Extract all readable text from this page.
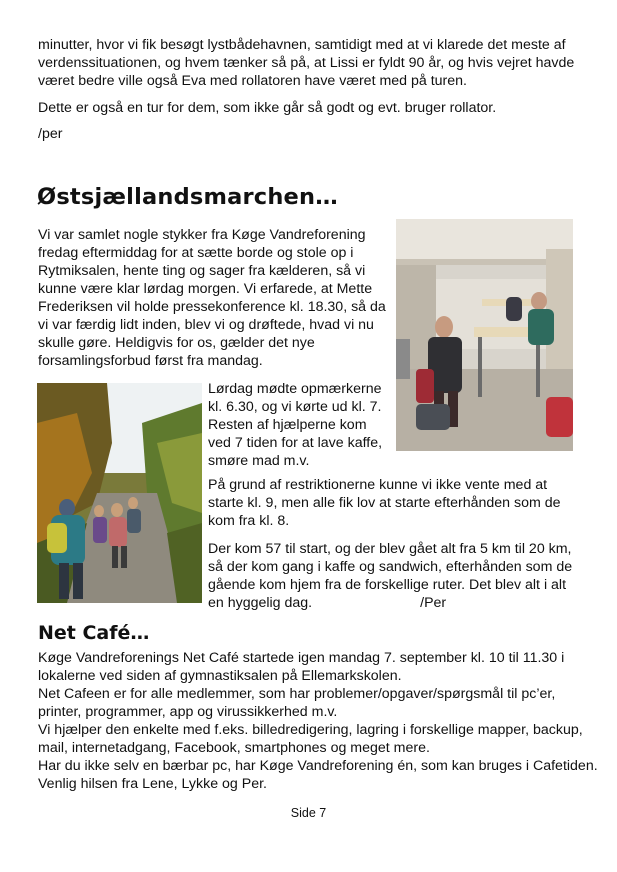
minutter, hvor vi fik besøgt lystbådehavnen, samtidigt med at vi klarede det meste af verdenssituationen, og hvem tænker så på, at Lissi er fyldt 90 år, og hvis vejret havde været bedre ville også Eva med rollatoren have været med på turen.

Dette er også en tur for dem, som ikke går så godt og evt. bruger rollator.

/per

Østsjællandsmarchen…

Vi var samlet nogle stykker fra Køge Vandreforening fredag eftermiddag for at sætte borde og stole op i Rytmiksalen, hente ting og sager fra kælderen, så vi kunne være klar lørdag morgen. Vi erfarede, at Mette Frederiksen vil holde pressekonference kl. 18.30, så da vi var færdig lidt inden, blev vi og drøftede, hvad vi nu skulle gøre. Heldigvis for os, gælder det nye forsamlingsforbud først fra mandag.

Lørdag mødte opmærkerne kl. 6.30, og vi kørte ud kl. 7. Resten af hjælperne kom ved 7 tiden for at lave kaffe, smøre mad m.v.

På grund af restriktionerne kunne vi ikke vente med at starte kl. 9, men alle fik lov at starte efterhånden som de kom fra kl. 8.

Der kom 57 til start, og der blev gået alt fra 5 km til 20 km, så der kom gang i kaffe og sandwich, efterhånden som de gående kom hjem fra de forskellige ruter. Det blev alt i alt en hyggelig dag.	/Per

Net Café…
Køge Vandreforenings Net Café startede igen mandag 7. september kl. 10 til 11.30 i lokalerne ved siden af gymnastiksalen på Ellemarkskolen.
Net Cafeen er for alle medlemmer, som har problemer/opgaver/spørgsmål til pc’er, printer, programmer, app og virussikkerhed m.v.
Vi hjælper den enkelte med f.eks. billedredigering, lagring i forskellige mapper, backup, mail, internetadgang, Facebook, smartphones og meget mere.
Har du ikke selv en bærbar pc, har Køge Vandreforening én, som kan bruges i Cafetiden.
Venlig hilsen fra Lene, Lykke og Per.
Side 7
